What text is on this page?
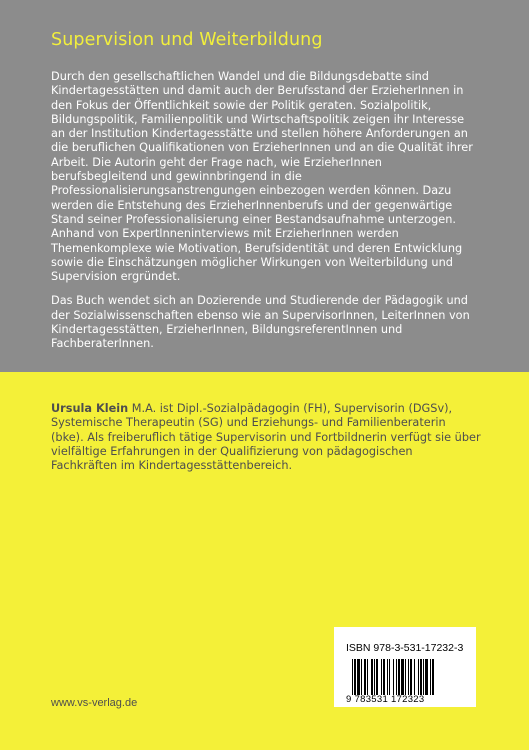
Supervision und Weiterbildung

Durch den gesellschaftlichen Wandel und die Bildungsdebatte sind Kindertagesstätten und damit auch der Berufsstand der ErzieherInnen in den Fokus der Öffentlichkeit sowie der Politik geraten. Sozialpolitik, Bildungspolitik, Familienpolitik und Wirtschaftspolitik zeigen ihr Interesse an der Institution Kindertagesstätte und stellen höhere Anforderungen an die beruflichen Qualifikationen von ErzieherInnen und an die Qualität ihrer Arbeit. Die Autorin geht der Frage nach, wie ErzieherInnen berufsbegleitend und gewinnbringend in die Professionalisierungsanstrengungen einbezogen werden können. Dazu werden die Entstehung des ErzieherInnenberufs und der gegenwärtige Stand seiner Professionalisierung einer Bestandsaufnahme unterzogen. Anhand von ExpertInneninterviews mit ErzieherInnen werden Themenkomplexe wie Motivation, Berufsidentität und deren Entwicklung sowie die Einschätzungen möglicher Wirkungen von Weiterbildung und Supervision ergründet.

Das Buch wendet sich an Dozierende und Studierende der Pädagogik und der Sozialwissenschaften ebenso wie an SupervisorInnen, LeiterInnen von Kindertagesstätten, ErzieherInnen, BildungsreferentInnen und FachberaterInnen.

Ursula Klein M.A. ist Dipl.-Sozialpädagogin (FH), Supervisorin (DGSv), Systemische Therapeutin (SG) und Erziehungs- und Familienberaterin (bke). Als freiberuflich tätige Supervisorin und Fortbildnerin verfügt sie über vielfältige Erfahrungen in der Qualifizierung von pädagogischen Fachkräften im Kindertagesstättenbereich.
ISBN 978-3-531-17232-3
9 783531 172323
www.vs-verlag.de
